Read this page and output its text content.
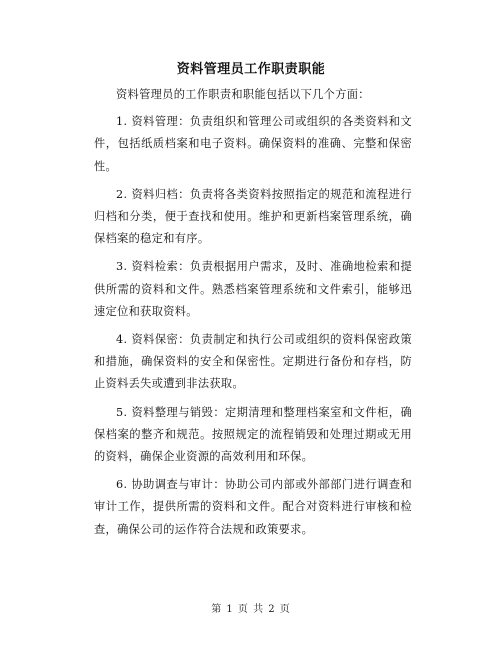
资料管理员工作职责职能

资料管理员的工作职责和职能包括以下几个方面：

1. 资料管理：负责组织和管理公司或组织的各类资料和文件，包括纸质档案和电子资料。确保资料的准确、完整和保密性。

2. 资料归档：负责将各类资料按照指定的规范和流程进行归档和分类，便于查找和使用。维护和更新档案管理系统，确保档案的稳定和有序。

3. 资料检索：负责根据用户需求，及时、准确地检索和提供所需的资料和文件。熟悉档案管理系统和文件索引，能够迅速定位和获取资料。

4. 资料保密：负责制定和执行公司或组织的资料保密政策和措施，确保资料的安全和保密性。定期进行备份和存档，防止资料丢失或遭到非法获取。

5. 资料整理与销毁：定期清理和整理档案室和文件柜，确保档案的整齐和规范。按照规定的流程销毁和处理过期或无用的资料，确保企业资源的高效利用和环保。

6. 协助调查与审计：协助公司内部或外部部门进行调查和审计工作，提供所需的资料和文件。配合对资料进行审核和检查，确保公司的运作符合法规和政策要求。

第 1 页 共 2 页
